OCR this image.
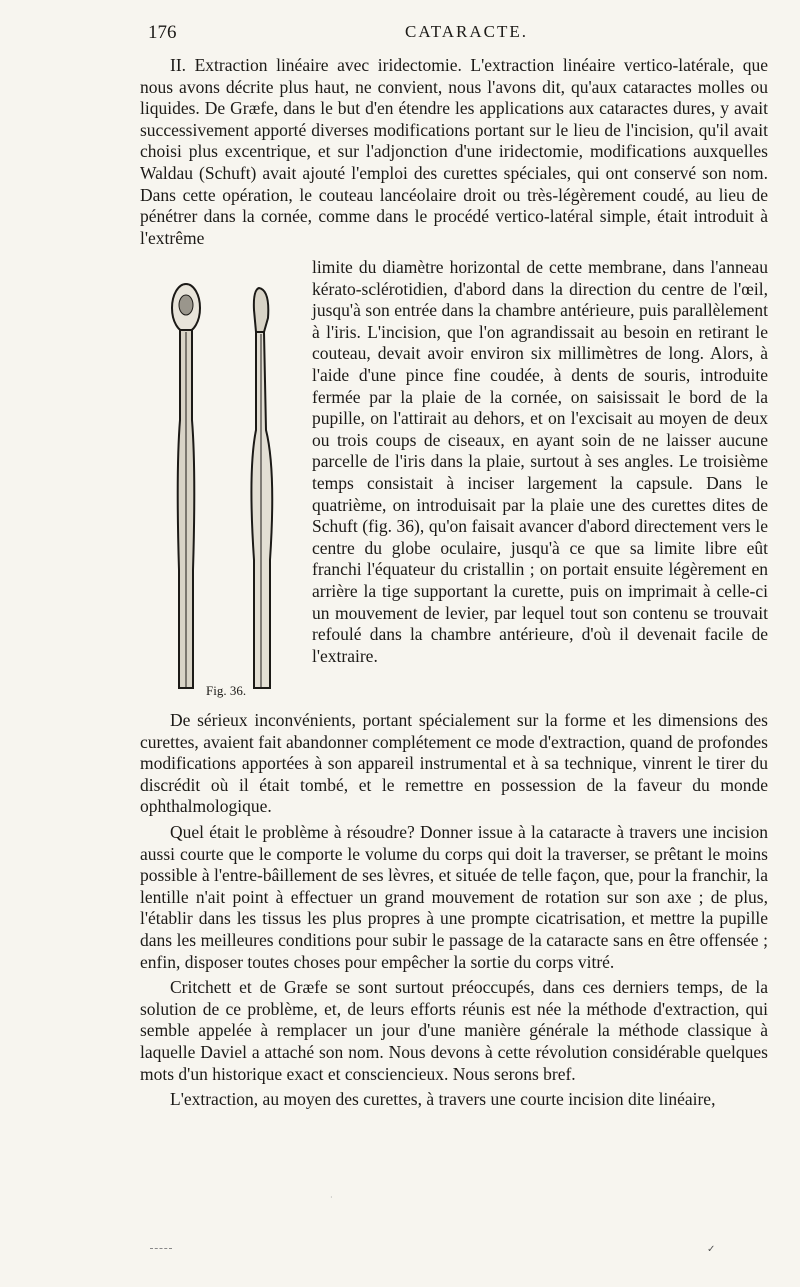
176	CATARACTE.

II. Extraction linéaire avec iridectomie. L'extraction linéaire vertico-latérale, que nous avons décrite plus haut, ne convient, nous l'avons dit, qu'aux cataractes molles ou liquides. De Græfe, dans le but d'en étendre les applications aux cataractes dures, y avait successivement apporté diverses modifications portant sur le lieu de l'incision, qu'il avait choisi plus excentrique, et sur l'adjonction d'une iridectomie, modifications auxquelles Waldau (Schuft) avait ajouté l'emploi des curettes spéciales, qui ont conservé son nom. Dans cette opération, le couteau lancéolaire droit ou très-légèrement coudé, au lieu de pénétrer dans la cornée, comme dans le procédé vertico-latéral simple, était introduit à l'extrême

Fig. 36.

limite du diamètre horizontal de cette membrane, dans l'anneau kérato-sclérotidien, d'abord dans la direction du centre de l'œil, jusqu'à son entrée dans la chambre antérieure, puis parallèlement à l'iris. L'incision, que l'on agrandissait au besoin en retirant le couteau, devait avoir environ six millimètres de long. Alors, à l'aide d'une pince fine coudée, à dents de souris, introduite fermée par la plaie de la cornée, on saisissait le bord de la pupille, on l'attirait au dehors, et on l'excisait au moyen de deux ou trois coups de ciseaux, en ayant soin de ne laisser aucune parcelle de l'iris dans la plaie, surtout à ses angles. Le troisième temps consistait à inciser largement la capsule. Dans le quatrième, on introduisait par la plaie une des curettes dites de Schuft (fig. 36), qu'on faisait avancer d'abord directement vers le centre du globe oculaire, jusqu'à ce que sa limite libre eût franchi l'équateur du cristallin ; on portait ensuite légèrement en arrière la tige supportant la curette, puis on imprimait à celle-ci un mouvement de levier, par lequel tout son contenu se trouvait refoulé dans la chambre antérieure, d'où il devenait facile de l'extraire.

De sérieux inconvénients, portant spécialement sur la forme et les dimensions des curettes, avaient fait abandonner complétement ce mode d'extraction, quand de profondes modifications apportées à son appareil instrumental et à sa technique, vinrent le tirer du discrédit où il était tombé, et le remettre en possession de la faveur du monde ophthalmologique.

Quel était le problème à résoudre? Donner issue à la cataracte à travers une incision aussi courte que le comporte le volume du corps qui doit la traverser, se prêtant le moins possible à l'entre-bâillement de ses lèvres, et située de telle façon, que, pour la franchir, la lentille n'ait point à effectuer un grand mouvement de rotation sur son axe ; de plus, l'établir dans les tissus les plus propres à une prompte cicatrisation, et mettre la pupille dans les meilleures conditions pour subir le passage de la cataracte sans en être offensée ; enfin, disposer toutes choses pour empêcher la sortie du corps vitré.

Critchett et de Græfe se sont surtout préoccupés, dans ces derniers temps, de la solution de ce problème, et, de leurs efforts réunis est née la méthode d'extraction, qui semble appelée à remplacer un jour d'une manière générale la méthode classique à laquelle Daviel a attaché son nom. Nous devons à cette révolution considérable quelques mots d'un historique exact et consciencieux. Nous serons bref.

L'extraction, au moyen des curettes, à travers une courte incision dite linéaire,

·
✓
